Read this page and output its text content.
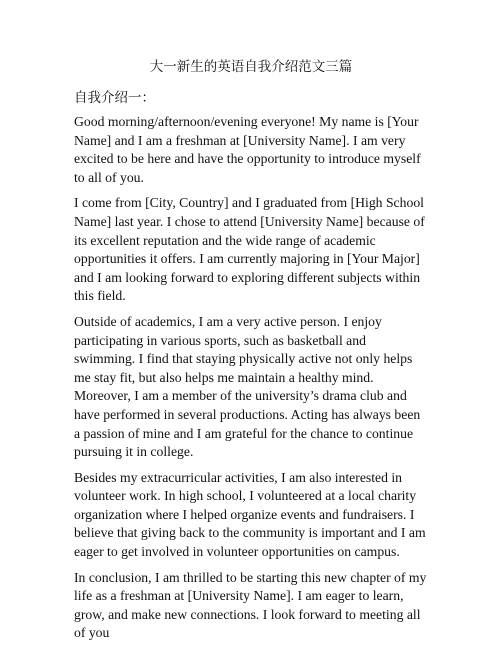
大一新生的英语自我介绍范文三篇
自我介绍一：

Good morning/afternoon/evening everyone! My name is [Your Name] and I am a freshman at [University Name]. I am very excited to be here and have the opportunity to introduce myself to all of you.

I come from [City, Country] and I graduated from [High School Name] last year. I chose to attend [University Name] because of its excellent reputation and the wide range of academic opportunities it offers. I am currently majoring in [Your Major] and I am looking forward to exploring different subjects within this field.

Outside of academics, I am a very active person. I enjoy participating in various sports, such as basketball and swimming. I find that staying physically active not only helps me stay fit, but also helps me maintain a healthy mind. Moreover, I am a member of the university’s drama club and have performed in several productions. Acting has always been a passion of mine and I am grateful for the chance to continue pursuing it in college.

Besides my extracurricular activities, I am also interested in volunteer work. In high school, I volunteered at a local charity organization where I helped organize events and fundraisers. I believe that giving back to the community is important and I am eager to get involved in volunteer opportunities on campus.

In conclusion, I am thrilled to be starting this new chapter of my life as a freshman at [University Name]. I am eager to learn, grow, and make new connections. I look forward to meeting all of you
